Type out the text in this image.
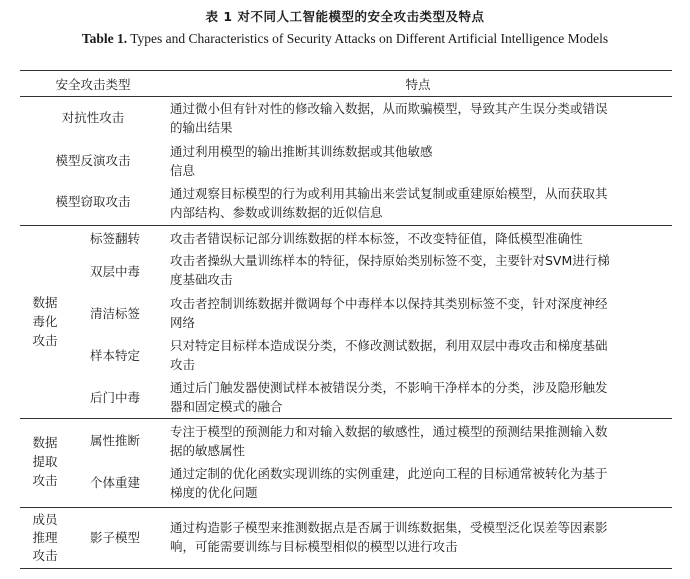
表 1 对不同人工智能模型的安全攻击类型及特点
Table 1. Types and Characteristics of Security Attacks on Different Artificial Intelligence Models
安全攻击类型	特点
对抗性攻击
通过微小但有针对性的修改输入数据，从而欺骗模型，导致其产生误分类或错误
的输出结果
模型反演攻击
通过利用模型的输出推断其训练数据或其他敏感
信息
模型窃取攻击
通过观察目标模型的行为或利用其输出来尝试复制或重建原始模型，从而获取其
内部结构、参数或训练数据的近似信息
数据
毒化
攻击
标签翻转	攻击者错误标记部分训练数据的样本标签，不改变特征值，降低模型准确性
双层中毒
攻击者操纵大量训练样本的特征，保持原始类别标签不变，主要针对SVM进行梯
度基础攻击
清洁标签
攻击者控制训练数据并微调每个中毒样本以保持其类别标签不变，针对深度神经
网络
样本特定
只对特定目标样本造成误分类，不修改测试数据，利用双层中毒攻击和梯度基础
攻击
后门中毒
通过后门触发器使测试样本被错误分类，不影响干净样本的分类，涉及隐形触发
器和固定模式的融合
数据
提取
攻击
属性推断
专注于模型的预测能力和对输入数据的敏感性，通过模型的预测结果推测输入数
据的敏感属性
个体重建
通过定制的优化函数实现训练的实例重建，此逆向工程的目标通常被转化为基于
梯度的优化问题
成员
推理
攻击
影子模型
通过构造影子模型来推测数据点是否属于训练数据集，受模型泛化误差等因素影
响，可能需要训练与目标模型相似的模型以进行攻击
